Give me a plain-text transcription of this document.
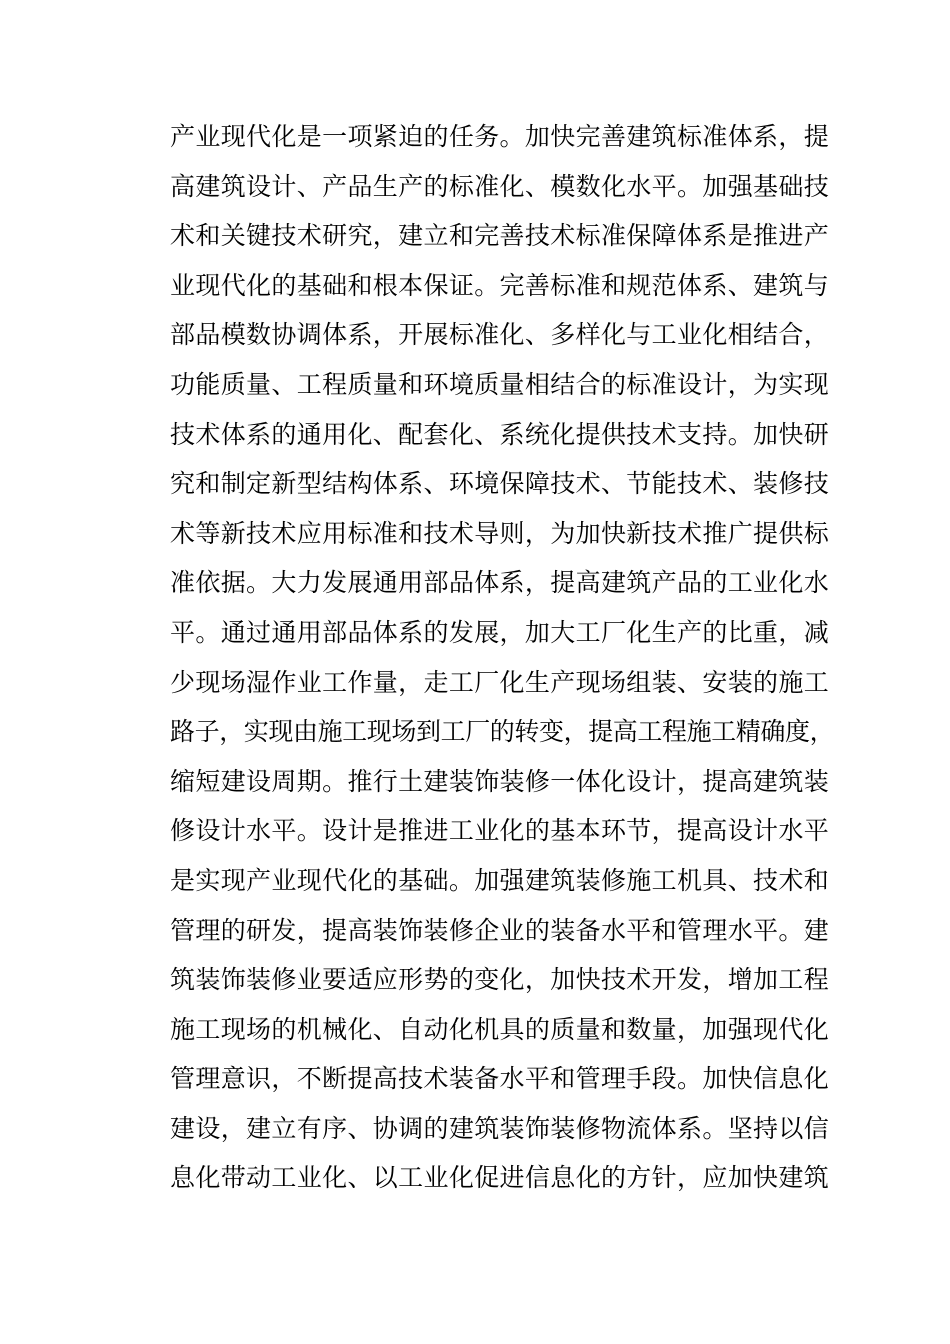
产业现代化是一项紧迫的任务。加快完善建筑标准体系，提
高建筑设计、产品生产的标准化、模数化水平。加强基础技
术和关键技术研究，建立和完善技术标准保障体系是推进产
业现代化的基础和根本保证。完善标准和规范体系、建筑与
部品模数协调体系，开展标准化、多样化与工业化相结合，
功能质量、工程质量和环境质量相结合的标准设计，为实现
技术体系的通用化、配套化、系统化提供技术支持。加快研
究和制定新型结构体系、环境保障技术、节能技术、装修技
术等新技术应用标准和技术导则，为加快新技术推广提供标
准依据。大力发展通用部品体系，提高建筑产品的工业化水
平。通过通用部品体系的发展，加大工厂化生产的比重，减
少现场湿作业工作量，走工厂化生产现场组装、安装的施工
路子，实现由施工现场到工厂的转变，提高工程施工精确度，
缩短建设周期。推行土建装饰装修一体化设计，提高建筑装
修设计水平。设计是推进工业化的基本环节，提高设计水平
是实现产业现代化的基础。加强建筑装修施工机具、技术和
管理的研发，提高装饰装修企业的装备水平和管理水平。建
筑装饰装修业要适应形势的变化，加快技术开发，增加工程
施工现场的机械化、自动化机具的质量和数量，加强现代化
管理意识，不断提高技术装备水平和管理手段。加快信息化
建设，建立有序、协调的建筑装饰装修物流体系。坚持以信
息化带动工业化、以工业化促进信息化的方针，应加快建筑
